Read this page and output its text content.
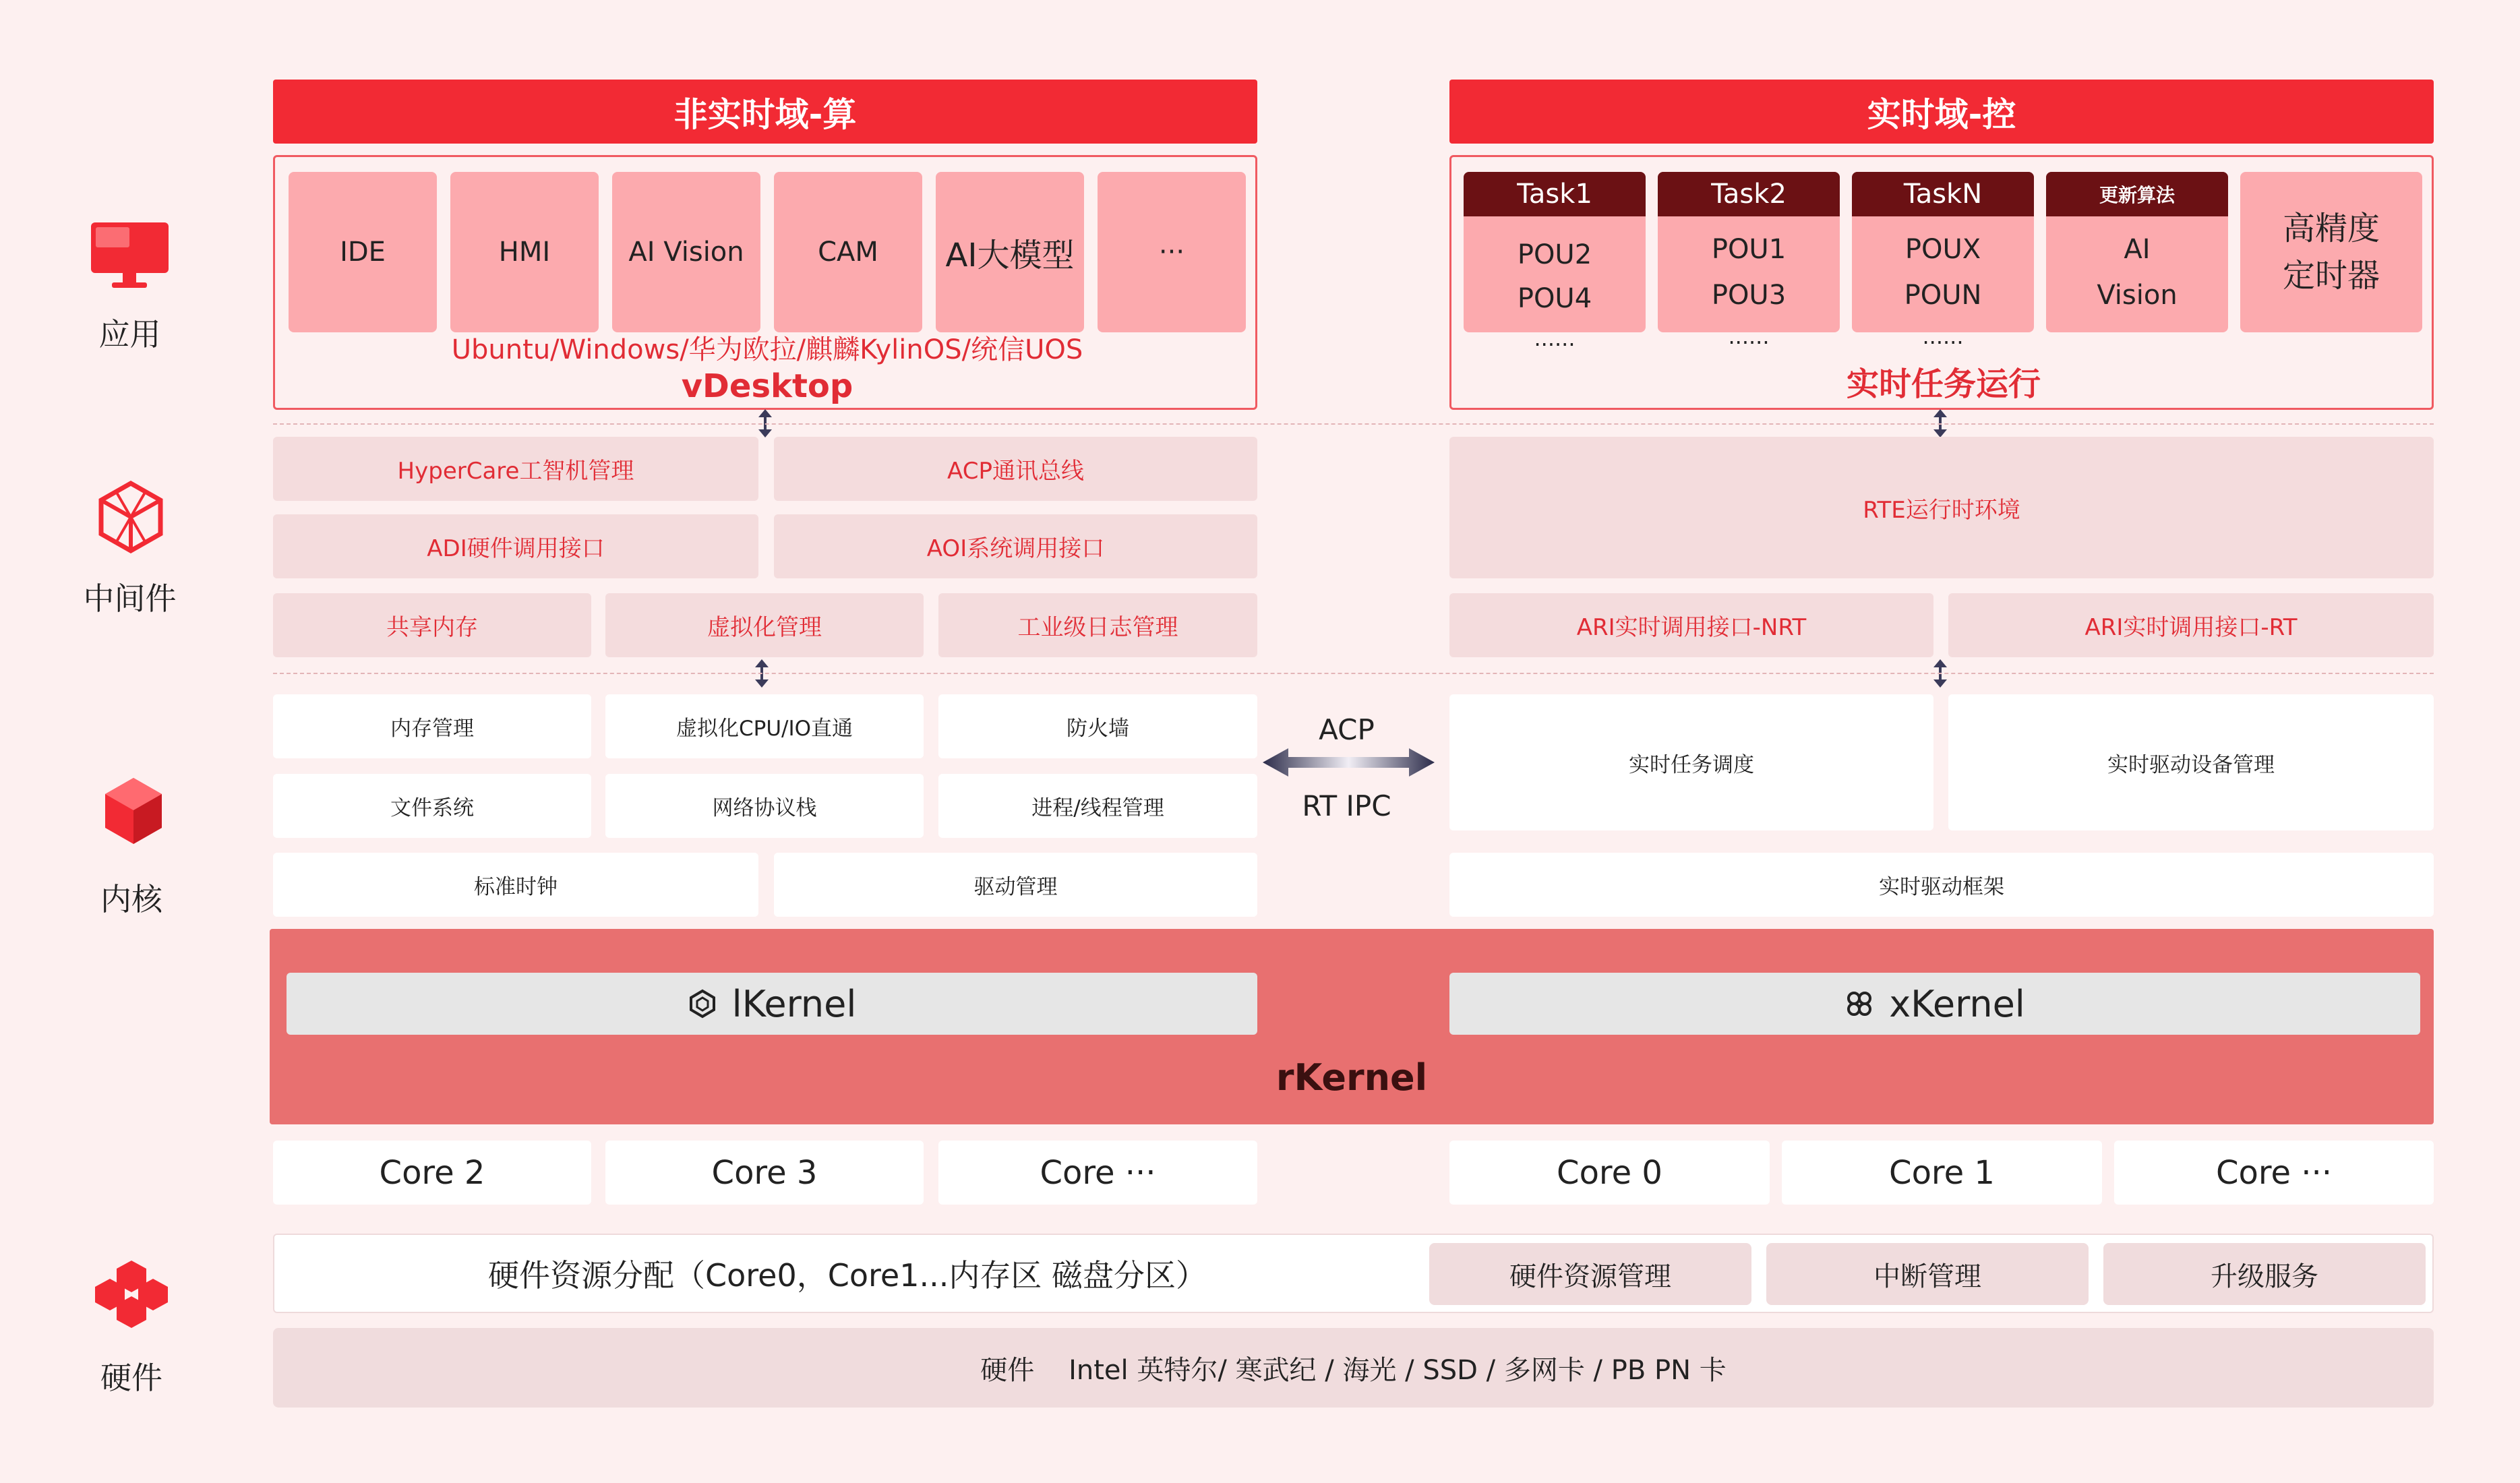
应用
中间件
内核
硬件
非实时域-算	实时域-控
IDE	HMI	AI Vision	CAM	AI大模型	···
Ubuntu/Windows/华为欧拉/麒麟KylinOS/统信UOS
vDesktop
Task1
POU2
POU4
Task2
POU1
POU3
TaskN
POUX
POUN
更新算法
AI
Vision
高精度
定时器
······	······	······
实时任务运行
HyperCare工智机管理	ACP通讯总线
ADI硬件调用接口	AOI系统调用接口
共享内存	虚拟化管理	工业级日志管理
RTE运行时环境
ARI实时调用接口-NRT	ARI实时调用接口-RT
内存管理	虚拟化CPU/IO直通	防火墙
文件系统	网络协议栈	进程/线程管理
标准时钟	驱动管理
实时任务调度	实时驱动设备管理
实时驱动框架
ACP
RT IPC
lKernel	xKernel
rKernel
Core 2	Core 3	Core ···	Core 0	Core 1	Core ···
硬件资源分配（Core0，Core1...内存区 磁盘分区）	硬件资源管理	中断管理	升级服务
硬件    Intel 英特尔/ 寒武纪 / 海光 / SSD / 多网卡 / PB PN 卡
